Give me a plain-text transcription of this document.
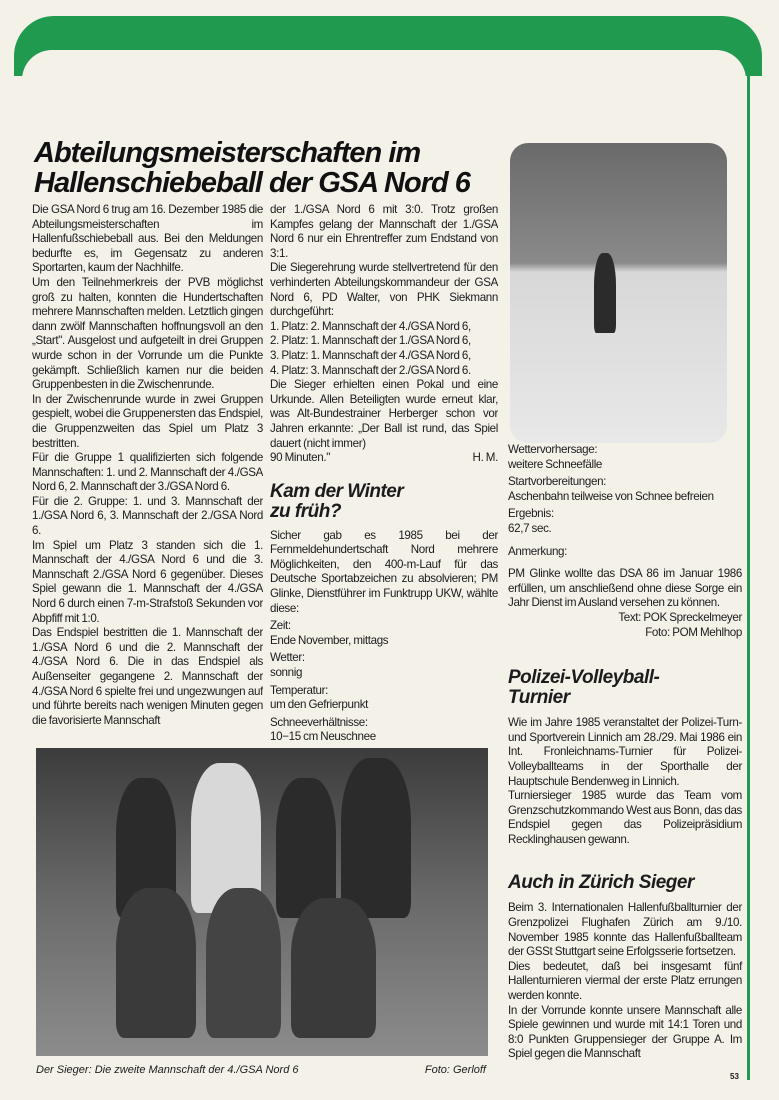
Abteilungsmeisterschaften im
Hallenschiebeball der GSA Nord 6

Die GSA Nord 6 trug am 16. Dezember 1985 die Abteilungsmeisterschaften im Hallenfußschiebeball aus. Bei den Meldungen bedurfte es, im Gegensatz zu anderen Sportarten, kaum der Nachhilfe.

Um den Teilnehmerkreis der PVB möglichst groß zu halten, konnten die Hundertschaften mehrere Mannschaften melden. Letztlich gingen dann zwölf Mannschaften hoffnungsvoll an den „Start". Ausgelost und aufgeteilt in drei Gruppen wurde schon in der Vorrunde um die Punkte gekämpft. Schließlich kamen nur die beiden Gruppenbesten in die Zwischenrunde.

In der Zwischenrunde wurde in zwei Gruppen gespielt, wobei die Gruppenersten das Endspiel, die Gruppenzweiten das Spiel um Platz 3 bestritten.

Für die Gruppe 1 qualifizierten sich folgende Mannschaften: 1. und 2. Mannschaft der 4./GSA Nord 6, 2. Mannschaft der 3./GSA Nord 6.

Für die 2. Gruppe: 1. und 3. Mannschaft der 1./GSA Nord 6, 3. Mannschaft der 2./GSA Nord 6.

Im Spiel um Platz 3 standen sich die 1. Mannschaft der 4./GSA Nord 6 und die 3. Mannschaft 2./GSA Nord 6 gegenüber. Dieses Spiel gewann die 1. Mannschaft der 4./GSA Nord 6 durch einen 7-m-Strafstoß Sekunden vor Abpfiff mit 1:0.

Das Endspiel bestritten die 1. Mannschaft der 1./GSA Nord 6 und die 2. Mannschaft der 4./GSA Nord 6. Die in das Endspiel als Außenseiter gegangene 2. Mannschaft der 4./GSA Nord 6 spielte frei und ungezwungen auf und führte bereits nach wenigen Minuten gegen die favorisierte Mannschaft

der 1./GSA Nord 6 mit 3:0. Trotz großen Kampfes gelang der Mannschaft der 1./GSA Nord 6 nur ein Ehrentreffer zum Endstand von 3:1.

Die Siegerehrung wurde stellvertretend für den verhinderten Abteilungskommandeur der GSA Nord 6, PD Walter, von PHK Siekmann durchgeführt:

1. Platz: 2. Mannschaft der 4./GSA Nord 6,

2. Platz: 1. Mannschaft der 1./GSA Nord 6,

3. Platz: 1. Mannschaft der 4./GSA Nord 6,

4. Platz: 3. Mannschaft der 2./GSA Nord 6.

Die Sieger erhielten einen Pokal und eine Urkunde. Allen Beteiligten wurde erneut klar, was Alt-Bundestrainer Herberger schon vor Jahren erkannte: „Der Ball ist rund, das Spiel dauert (nicht immer)

90 Minuten."	H. M.

Kam der Winter
zu früh?

Sicher gab es 1985 bei der Fernmeldehundertschaft Nord mehrere Möglichkeiten, den 400-m-Lauf für das Deutsche Sportabzeichen zu absolvieren; PM Glinke, Dienstführer im Funktrupp UKW, wählte diese:

Zeit:

Ende November, mittags

Wetter:

sonnig

Temperatur:

um den Gefrierpunkt

Schneeverhältnisse:

10−15 cm Neuschnee

Wettervorhersage:

weitere Schneefälle

Startvorbereitungen:

Aschenbahn teilweise von Schnee befreien

Ergebnis:

62,7 sec.

Anmerkung:

PM Glinke wollte das DSA 86 im Januar 1986 erfüllen, um anschließend ohne diese Sorge ein Jahr Dienst im Ausland versehen zu können.

Text: POK Spreckelmeyer

Foto: POM Mehlhop

Polizei-Volleyball-
Turnier

Wie im Jahre 1985 veranstaltet der Polizei-Turn- und Sportverein Linnich am 28./29. Mai 1986 ein Int. Fronleichnams-Turnier für Polizei-Volleyballteams in der Sporthalle der Hauptschule Bendenweg in Linnich.

Turniersieger 1985 wurde das Team vom Grenzschutzkommando West aus Bonn, das das Endspiel gegen das Polizeipräsidium Recklinghausen gewann.

Auch in Zürich Sieger

Beim 3. Internationalen Hallenfußballturnier der Grenzpolizei Flughafen Zürich am 9./10. November 1985 konnte das Hallenfußballteam der GSSt Stuttgart seine Erfolgsserie fortsetzen.

Dies bedeutet, daß bei insgesamt fünf Hallenturnieren viermal der erste Platz errungen werden konnte.

In der Vorrunde konnte unsere Mannschaft alle Spiele gewinnen und wurde mit 14:1 Toren und 8:0 Punkten Gruppensieger der Gruppe A. Im Spiel gegen die Mannschaft

Der Sieger: Die zweite Mannschaft der 4./GSA Nord 6	Foto: Gerloff
53
